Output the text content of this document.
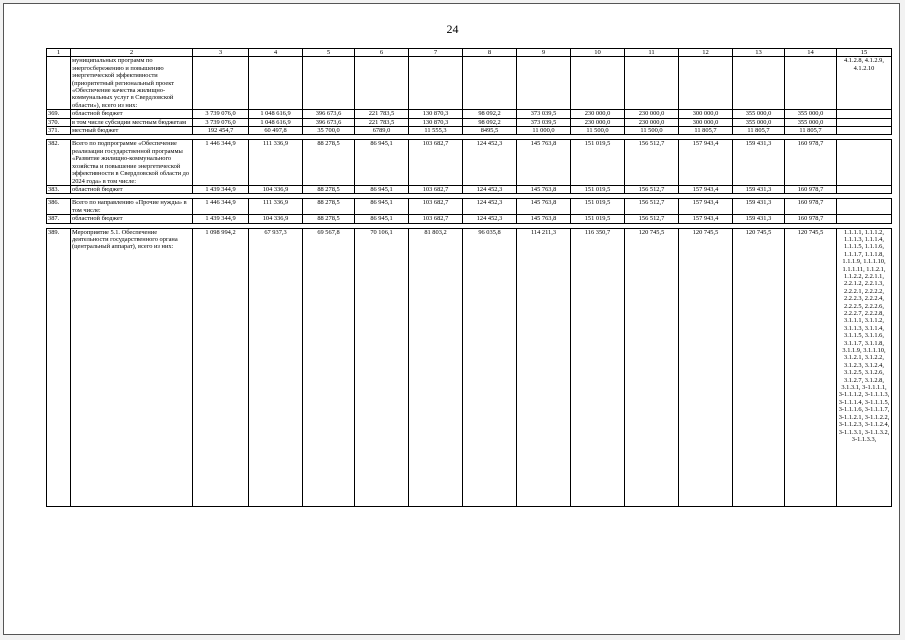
24
1	2	3	4	5	6	7	8	9	10	11	12	13	14	15
	муниципальных программ по энергосбережению и повышению энергетической эффективности (приоритетный региональный проект «Обеспечение качества жилищно-коммунальных услуг в Свердловской области»), всего из них:													4.1.2.8, 4.1.2.9, 4.1.2.10
369.	областной бюджет	3 739 076,0	1 048 616,9	396 673,6	221 783,5	130 870,3	98 092,2	373 039,5	230 000,0	230 000,0	300 000,0	355 000,0	355 000,0	
370.	в том числе субсидии местным бюджетам	3 739 076,0	1 048 616,9	396 673,6	221 783,5	130 870,3	98 092,2	373 039,5	230 000,0	230 000,0	300 000,0	355 000,0	355 000,0	
371.	местный бюджет	192 454,7	60 497,8	35 700,0	6789,0	11 555,3	8495,5	11 000,0	11 500,0	11 500,0	11 805,7	11 805,7	11 805,7	

382.	Всего по подпрограмме «Обеспечение реализации государственной программы «Развитие жилищно-коммунального хозяйства и повышение энергетической эффективности в Свердловской области до 2024 года» в том числе:	1 446 344,9	111 336,9	88 278,5	86 945,1	103 682,7	124 452,3	145 763,8	151 019,5	156 512,7	157 943,4	159 431,3	160 978,7	
383.	областной бюджет	1 439 344,9	104 336,9	88 278,5	86 945,1	103 682,7	124 452,3	145 763,8	151 019,5	156 512,7	157 943,4	159 431,3	160 978,7	

386.	Всего по направлению «Прочие нужды» в том числе:	1 446 344,9	111 336,9	88 278,5	86 945,1	103 682,7	124 452,3	145 763,8	151 019,5	156 512,7	157 943,4	159 431,3	160 978,7	
387.	областной бюджет	1 439 344,9	104 336,9	88 278,5	86 945,1	103 682,7	124 452,3	145 763,8	151 019,5	156 512,7	157 943,4	159 431,3	160 978,7	

389.	Мероприятие 5.1. Обеспечение деятельности государственного органа (центральный аппарат), всего из них:	1 098 994,2	67 937,3	69 567,8	70 106,1	81 803,2	96 035,8	114 211,3	116 350,7	120 745,5	120 745,5	120 745,5	120 745,5	1.1.1.1, 1.1.1.2, 1.1.1.3, 1.1.1.4, 1.1.1.5, 1.1.1.6, 1.1.1.7, 1.1.1.8, 1.1.1.9, 1.1.1.10, 1.1.1.11, 1.1.2.1, 1.1.2.2, 2.2.1.1, 2.2.1.2, 2.2.1.3, 2.2.2.1, 2.2.2.2, 2.2.2.3, 2.2.2.4, 2.2.2.5, 2.2.2.6, 2.2.2.7, 2.2.2.8, 3.1.1.1, 3.1.1.2, 3.1.1.3, 3.1.1.4, 3.1.1.5, 3.1.1.6, 3.1.1.7, 3.1.1.8, 3.1.1.9, 3.1.1.10, 3.1.2.1, 3.1.2.2, 3.1.2.3, 3.1.2.4, 3.1.2.5, 3.1.2.6, 3.1.2.7, 3.1.2.8, 3.1.3.1, 3-1.1.1.1, 3-1.1.1.2, 3-1.1.1.3, 3-1.1.1.4, 3-1.1.1.5, 3-1.1.1.6, 3-1.1.1.7, 3-1.1.2.1, 3-1.1.2.2, 3-1.1.2.3, 3-1.1.2.4, 3-1.1.3.1, 3-1.1.3.2, 3-1.1.3.3,
